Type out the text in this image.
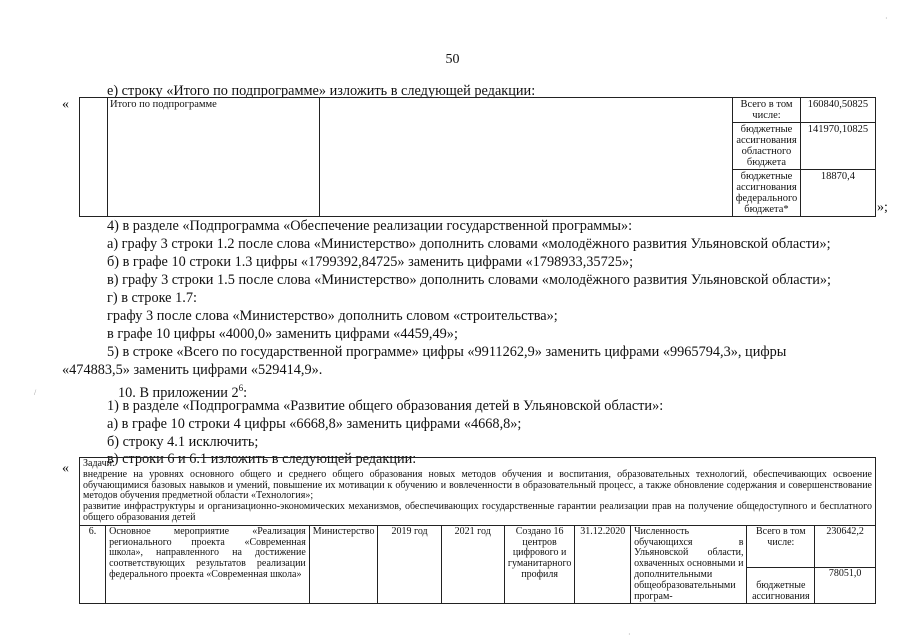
50
е) строку «Итого по подпрограмме» изложить в следующей редакции:
«
		Итого по подпрограмме		Всего в том числе:	160840,50825
			бюджетные ассигнования областного бюджета	141970,10825
			бюджетные ассигнования федерального бюджета*	18870,4
»;
4) в разделе «Подпрограмма «Обеспечение реализации государственной программы»:
а) графу 3 строки 1.2 после слова «Министерство» дополнить словами «молодёжного развития Ульяновской области»;
б) в графе 10 строки 1.3 цифры «1799392,84725» заменить цифрами «1798933,35725»;
в) графу 3 строки 1.5 после слова «Министерство» дополнить словами «молодёжного развития Ульяновской области»;
г) в строке 1.7:
графу 3 после слова «Министерство» дополнить словом «строительства»;
в графе 10 цифры «4000,0» заменить цифрами «4459,49»;
5) в строке «Всего по государственной программе» цифры «9911262,9» заменить цифрами «9965794,3», цифры
«474883,5» заменить цифрами «529414,9».
10. В приложении $2^6$:
1) в разделе «Подпрограмма «Развитие общего образования детей в Ульяновской области»:
а) в графе 10 строки 4 цифры «6668,8» заменить цифрами «4668,8»;
б) строку 4.1 исключить;
в) строки 6 и 6.1 изложить в следующей редакции:
« Задачи:
внедрение на уровнях основного общего и среднего общего образования новых методов обучения и воспитания, образовательных технологий, обеспечивающих освоение обучающимися базовых навыков и умений, повышение их мотивации к обучению и вовлеченности в образовательный процесс, а также обновление содержания и совершенствование методов обучения предметной области «Технология»;
развитие инфраструктуры и организационно-экономических механизмов, обеспечивающих государственные гарантии реализации прав на получение общедоступного и бесплатного общего образования детей									

6.	Основное мероприятие «Реализация регионального проекта «Современная школа», направленного на достижение соответствующих результатов реализации федерального проекта «Современная школа»	Министерство	2019 год	2021 год	Создано 16 центров цифрового и гуманитарного профиля	31.12.2020	Численность обучающихся в Ульяновской области, охваченных основными и дополнительными общеобразовательными програм-	Всего в том числе:	230642,2
								бюджетные ассигнования	78051,0
·
/
·
